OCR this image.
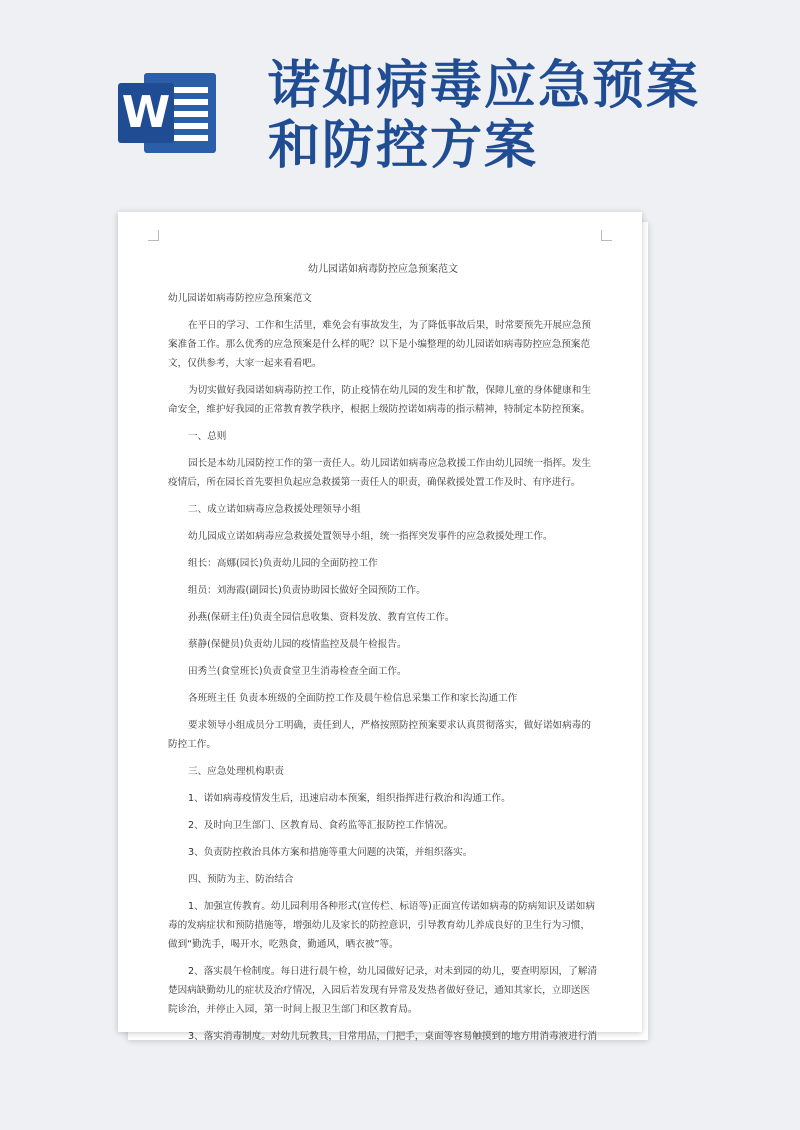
W 诺如病毒应急预案
和防控方案

幼儿园诺如病毒防控应急预案范文

幼儿园诺如病毒防控应急预案范文

在平日的学习、工作和生活里，难免会有事故发生，为了降低事故后果，时常要预先开展应急预案准备工作。那么优秀的应急预案是什么样的呢？以下是小编整理的幼儿园诺如病毒防控应急预案范文，仅供参考，大家一起来看看吧。

为切实做好我园诺如病毒防控工作，防止疫情在幼儿园的发生和扩散，保障儿童的身体健康和生命安全，维护好我园的正常教育教学秩序，根据上级防控诺如病毒的指示精神，特制定本防控预案。

一、总则

园长是本幼儿园防控工作的第一责任人。幼儿园诺如病毒应急救援工作由幼儿园统一指挥。发生疫情后，所在园长首先要担负起应急救援第一责任人的职责，确保救援处置工作及时、有序进行。

二、成立诺如病毒应急救援处理领导小组

幼儿园成立诺如病毒应急救援处置领导小组，统一指挥突发事件的应急救援处理工作。

组长：高娜(园长)负责幼儿园的全面防控工作

组员：刘海霞(副园长)负责协助园长做好全园预防工作。

孙燕(保研主任)负责全园信息收集、资料发放、教育宣传工作。

蔡静(保健员)负责幼儿园的疫情监控及晨午检报告。

田秀兰(食堂班长)负责食堂卫生消毒检查全面工作。

各班班主任 负责本班级的全面防控工作及晨午检信息采集工作和家长沟通工作

要求领导小组成员分工明确，责任到人，严格按照防控预案要求认真贯彻落实，做好诺如病毒的防控工作。

三、应急处理机构职责

1、诺如病毒疫情发生后，迅速启动本预案，组织指挥进行救治和沟通工作。

2、及时向卫生部门、区教育局、食药监等汇报防控工作情况。

3、负责防控救治具体方案和措施等重大问题的决策，并组织落实。

四、预防为主、防治结合

1、加强宣传教育。幼儿园利用各种形式(宣传栏、标语等)正面宣传诺如病毒的防病知识及诺如病毒的发病症状和预防措施等，增强幼儿及家长的防控意识，引导教育幼儿养成良好的卫生行为习惯，做到“勤洗手，喝开水，吃熟食，勤通风，晒衣被”等。

2、落实晨午检制度。每日进行晨午检，幼儿园做好记录，对未到园的幼儿，要查明原因，了解清楚因病缺勤幼儿的症状及治疗情况，入园后若发现有异常及发热者做好登记，通知其家长，立即送医院诊治，并停止入园，第一时间上报卫生部门和区教育局。

3、落实消毒制度。对幼儿玩教具，日常用品，门把手，桌面等容易触摸到的地方用消毒液进行消
